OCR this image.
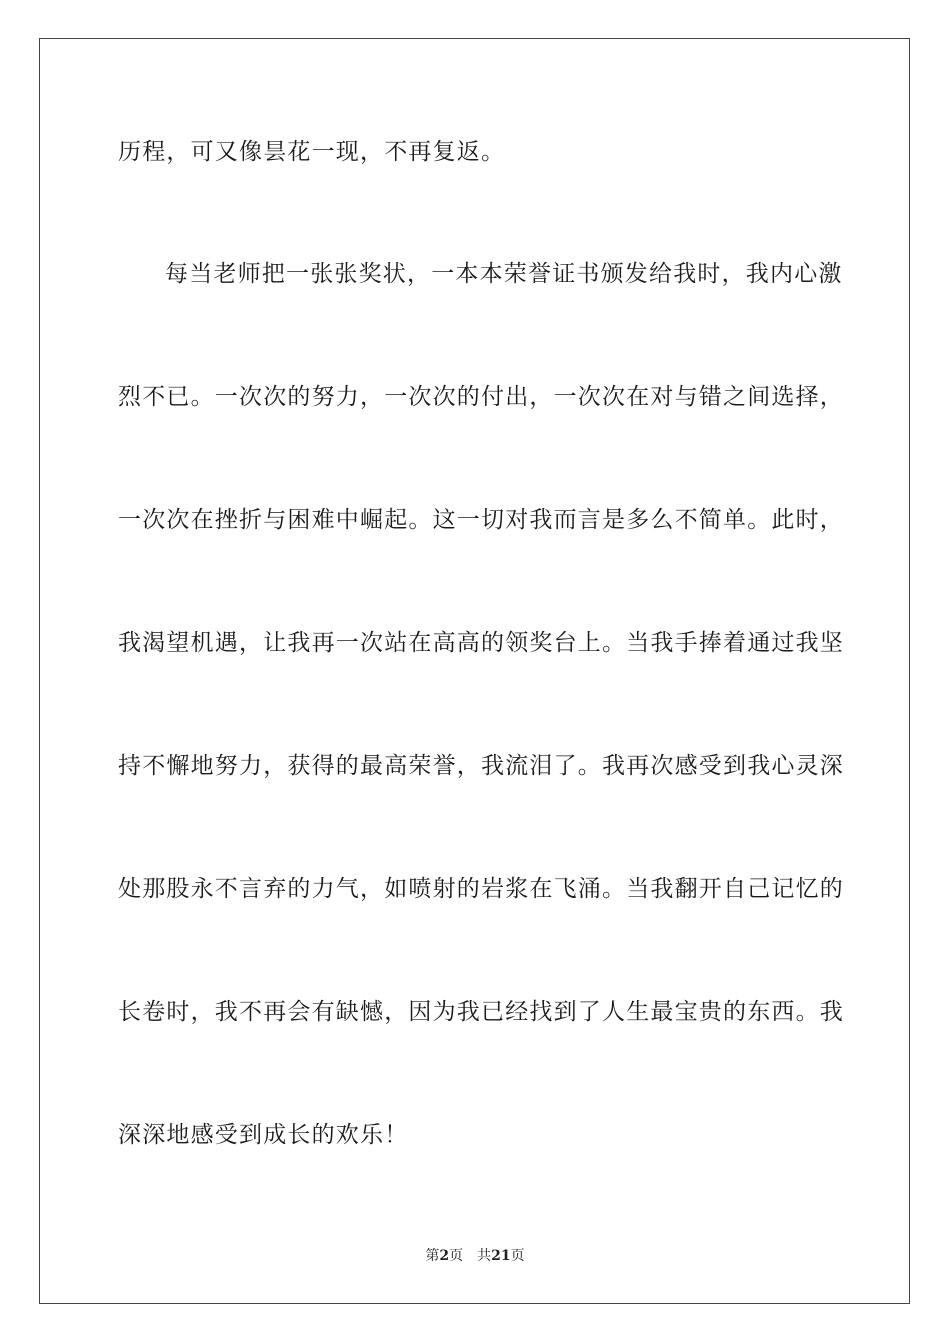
历程，可又像昙花一现，不再复返。
每当老师把一张张奖状，一本本荣誉证书颁发给我时，我内心激
烈不已。一次次的努力，一次次的付出，一次次在对与错之间选择，
一次次在挫折与困难中崛起。这一切对我而言是多么不简单。此时，
我渴望机遇，让我再一次站在高高的领奖台上。当我手捧着通过我坚
持不懈地努力，获得的最高荣誉，我流泪了。我再次感受到我心灵深
处那股永不言弃的力气，如喷射的岩浆在飞涌。当我翻开自己记忆的
长卷时，我不再会有缺憾，因为我已经找到了人生最宝贵的东西。我
深深地感受到成长的欢乐！
第2页 共21页
